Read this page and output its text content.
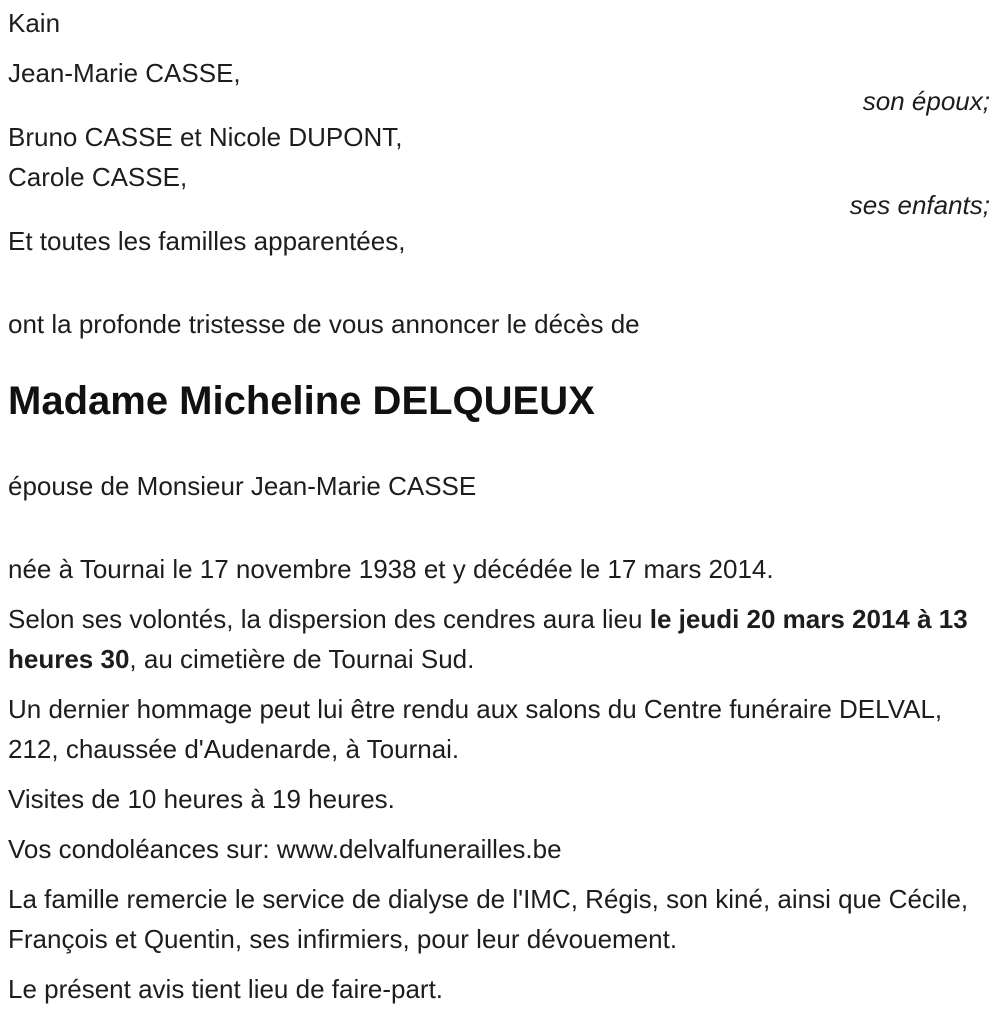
Kain

Jean-Marie CASSE,

son époux;

Bruno CASSE et Nicole DUPONT,
Carole CASSE,

ses enfants;

Et toutes les familles apparentées,

ont la profonde tristesse de vous annoncer le décès de

Madame Micheline DELQUEUX

épouse de Monsieur Jean-Marie CASSE

née à Tournai le 17 novembre 1938 et y décédée le 17 mars 2014.

Selon ses volontés, la dispersion des cendres aura lieu le jeudi 20 mars 2014 à 13 heures 30, au cimetière de Tournai Sud.

Un dernier hommage peut lui être rendu aux salons du Centre funéraire DELVAL, 212, chaussée d'Audenarde, à Tournai.

Visites de 10 heures à 19 heures.

Vos condoléances sur: www.delvalfunerailles.be

La famille remercie le service de dialyse de l'IMC, Régis, son kiné, ainsi que Cécile, François et Quentin, ses infirmiers, pour leur dévouement.

Le présent avis tient lieu de faire-part.
